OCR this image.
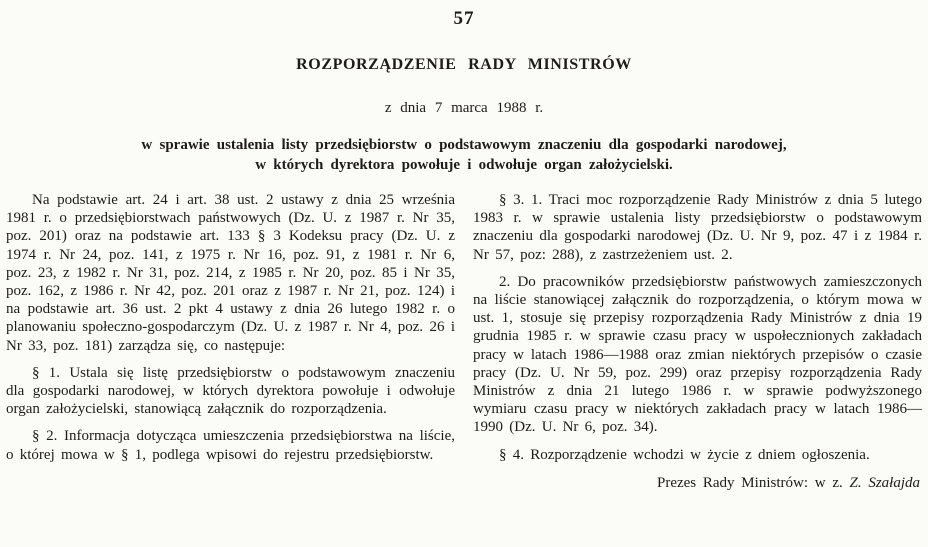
57
ROZPORZĄDZENIE RADY MINISTRÓW
z dnia 7 marca 1988 r.
w sprawie ustalenia listy przedsiębiorstw o podstawowym znaczeniu dla gospodarki narodowej,
w których dyrektora powołuje i odwołuje organ założycielski.

Na podstawie art. 24 i art. 38 ust. 2 ustawy z dnia 25 września 1981 r. o przedsiębiorstwach państwowych (Dz. U. z 1987 r. Nr 35, poz. 201) oraz na podstawie art. 133 § 3 Kodeksu pracy (Dz. U. z 1974 r. Nr 24, poz. 141, z 1975 r. Nr 16, poz. 91, z 1981 r. Nr 6, poz. 23, z 1982 r. Nr 31, poz. 214, z 1985 r. Nr 20, poz. 85 i Nr 35, poz. 162, z 1986 r. Nr 42, poz. 201 oraz z 1987 r. Nr 21, poz. 124) i na podstawie art. 36 ust. 2 pkt 4 ustawy z dnia 26 lutego 1982 r. o planowaniu społeczno-gospodarczym (Dz. U. z 1987 r. Nr 4, poz. 26 i Nr 33, poz. 181) zarządza się, co następuje:

§ 1. Ustala się listę przedsiębiorstw o podstawowym znaczeniu dla gospodarki narodowej, w których dyrektora powołuje i odwołuje organ założycielski, stanowiącą załącznik do rozporządzenia.

§ 2. Informacja dotycząca umieszczenia przedsiębiorstwa na liście, o której mowa w § 1, podlega wpisowi do rejestru przedsiębiorstw.

§ 3. 1. Traci moc rozporządzenie Rady Ministrów z dnia 5 lutego 1983 r. w sprawie ustalenia listy przedsiębiorstw o podstawowym znaczeniu dla gospodarki narodowej (Dz. U. Nr 9, poz. 47 i z 1984 r. Nr 57, poz: 288), z zastrzeżeniem ust. 2.

2. Do pracowników przedsiębiorstw państwowych zamieszczonych na liście stanowiącej załącznik do rozporządzenia, o którym mowa w ust. 1, stosuje się przepisy rozporządzenia Rady Ministrów z dnia 19 grudnia 1985 r. w sprawie czasu pracy w uspołecznionych zakładach pracy w latach 1986—1988 oraz zmian niektórych przepisów o czasie pracy (Dz. U. Nr 59, poz. 299) oraz przepisy rozporządzenia Rady Ministrów z dnia 21 lutego 1986 r. w sprawie podwyższonego wymiaru czasu pracy w niektórych zakładach pracy w latach 1986—1990 (Dz. U. Nr 6, poz. 34).

§ 4. Rozporządzenie wchodzi w życie z dniem ogłoszenia.

Prezes Rady Ministrów: w z. Z. Szałajda
